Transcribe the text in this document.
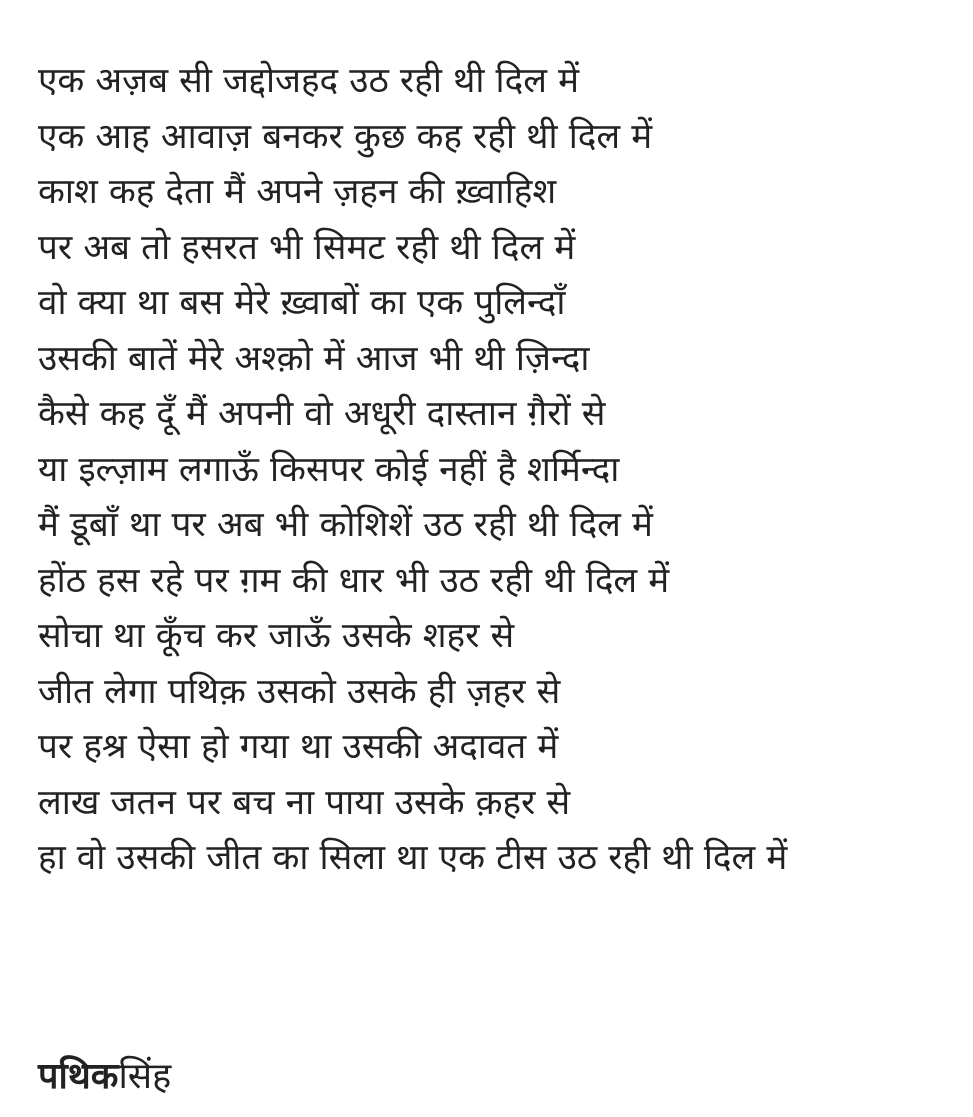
एक अज़ब सी जद्दोजहद उठ रही थी दिल में
एक आह आवाज़ बनकर कुछ कह रही थी दिल में
काश कह देता मैं अपने ज़हन की ख़्वाहिश
पर अब तो हसरत भी सिमट रही थी दिल में
वो क्या था बस मेरे ख़्वाबों का एक पुलिन्दाँ
उसकी बातें मेरे अश्क़ो में आज भी थी ज़िन्दा
कैसे कह दूँ मैं अपनी वो अधूरी दास्तान ग़ैरों से
या इल्ज़ाम लगाऊँ किसपर कोई नहीं है शर्मिन्दा
मैं डूबाँ था पर अब भी कोशिशें उठ रही थी दिल में
होंठ हस रहे पर ग़म की धार भी उठ रही थी दिल में
सोचा था कूँच कर जाऊँ उसके शहर से
जीत लेगा पथिक़ उसको उसके ही ज़हर से
पर हश्र ऐसा हो गया था उसकी अदावत में
लाख जतन पर बच ना पाया उसके क़हर से
हा वो उसकी जीत का सिला था एक टीस उठ रही थी दिल में
पथिकसिंह
